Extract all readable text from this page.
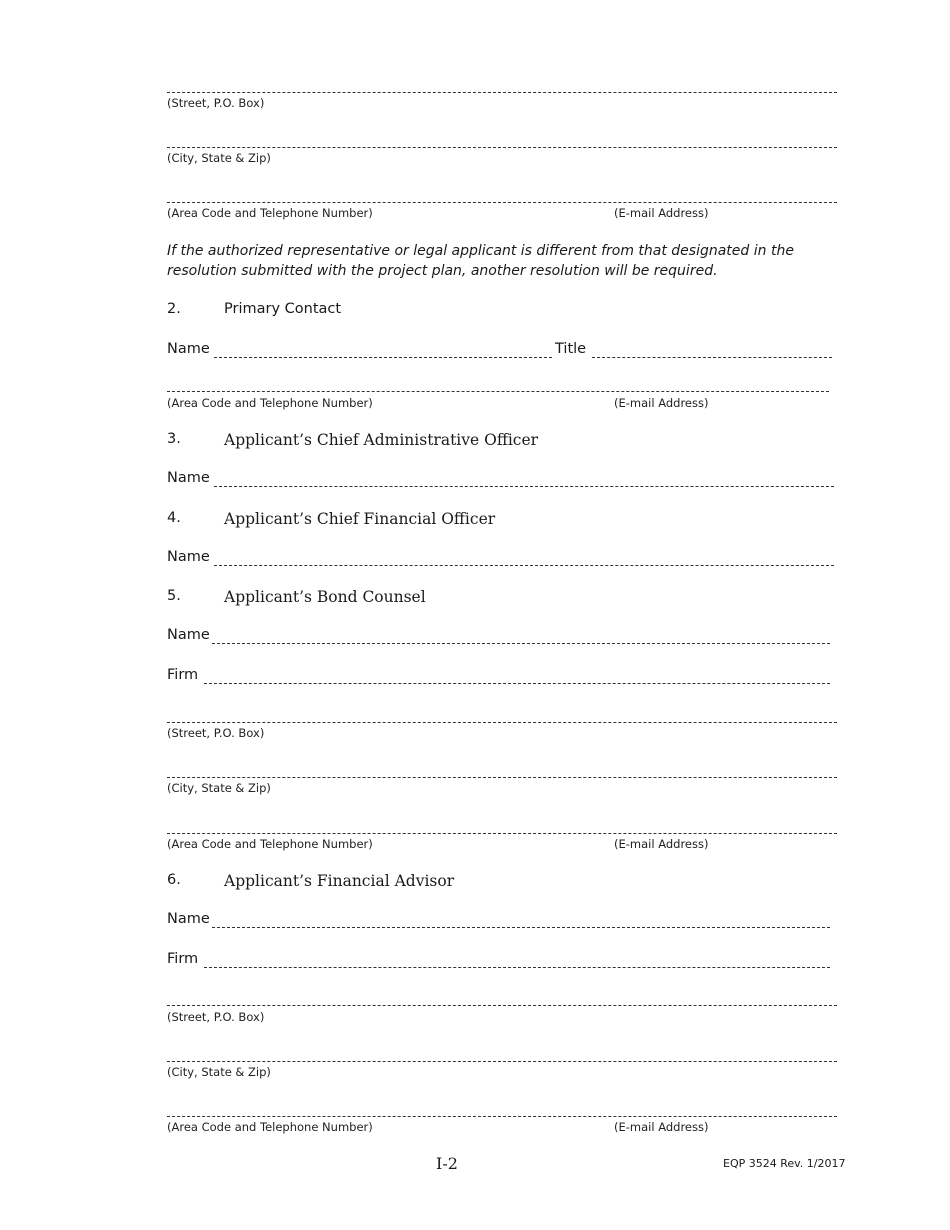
(Street, P.O. Box)
(City, State & Zip)
(Area Code and Telephone Number)	(E-mail Address)
If the authorized representative or legal applicant is different from that designated in the resolution submitted with the project plan, another resolution will be required.
2.	Primary Contact
Name	Title
(Area Code and Telephone Number)	(E-mail Address)
3.	Applicant’s Chief Administrative Officer
Name
4.	Applicant’s Chief Financial Officer
Name
5.	Applicant’s Bond Counsel
Name
Firm
(Street, P.O. Box)
(City, State & Zip)
(Area Code and Telephone Number)	(E-mail Address)
6.	Applicant’s Financial Advisor
Name
Firm
(Street, P.O. Box)
(City, State & Zip)
(Area Code and Telephone Number)	(E-mail Address)
I-2	EQP 3524 Rev. 1/2017
